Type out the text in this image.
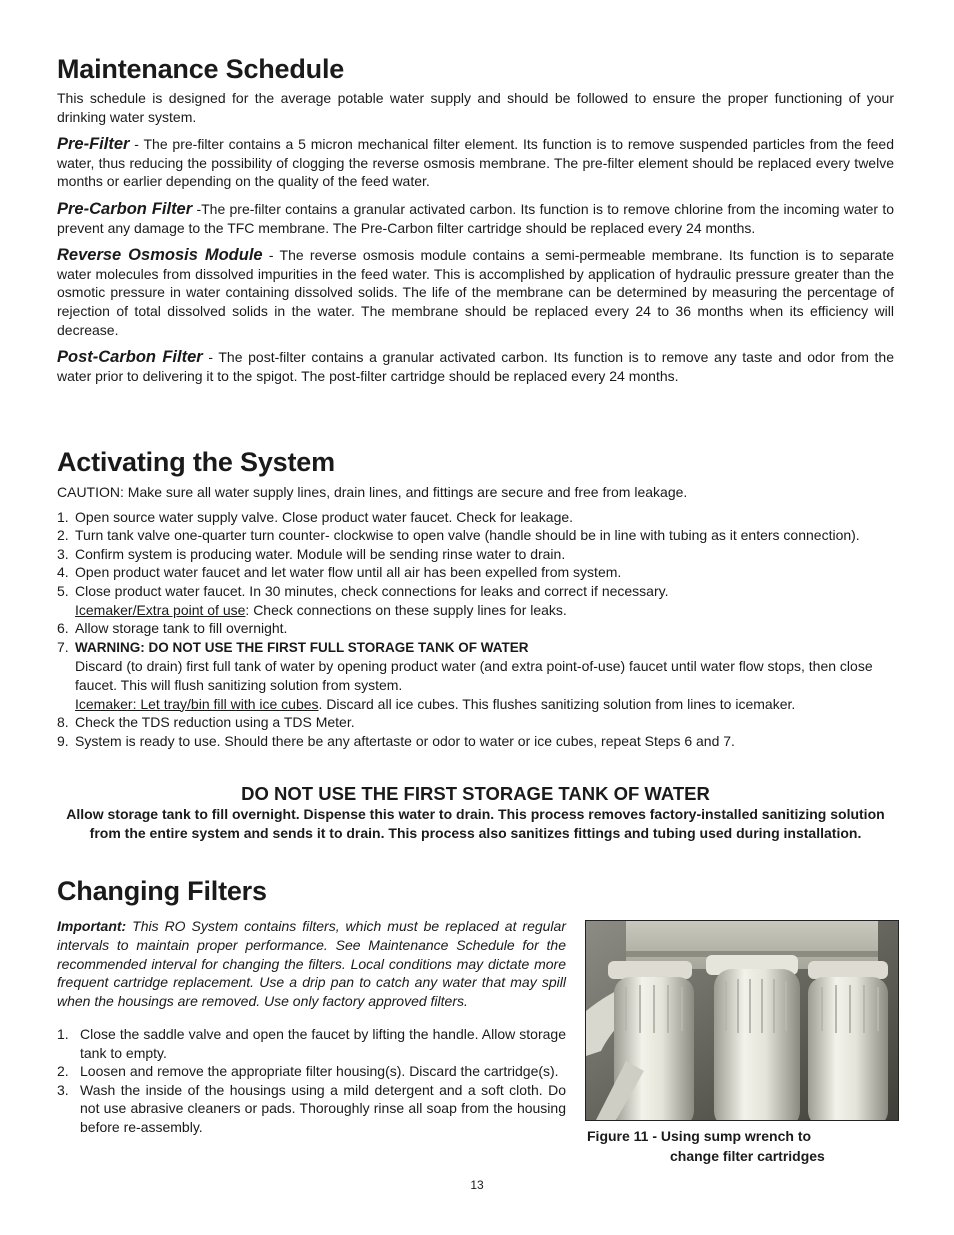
Maintenance Schedule

This schedule is designed for the average potable water supply and should be followed to ensure the proper functioning of your drinking water system.

Pre-Filter - The pre-filter contains a 5 micron mechanical filter element. Its function is to remove suspended particles from the feed water, thus reducing the possibility of clogging the reverse osmosis membrane. The pre-filter element should be replaced every twelve months or earlier depending on the quality of the feed water.

Pre-Carbon Filter -The pre-filter contains a granular activated carbon. Its function is to remove chlorine from the incoming water to prevent any damage to the TFC membrane. The Pre-Carbon filter cartridge should be replaced every 24 months.

Reverse Osmosis Module - The reverse osmosis module contains a semi-permeable membrane. Its function is to separate water molecules from dissolved impurities in the feed water. This is accomplished by application of hydraulic pressure greater than the osmotic pressure in water containing dissolved solids. The life of the membrane can be determined by measuring the percentage of rejection of total dissolved solids in the water. The membrane should be replaced every 24 to 36 months when its efficiency will decrease.

Post-Carbon Filter - The post-filter contains a granular activated carbon. Its function is to remove any taste and odor from the water prior to delivering it to the spigot. The post-filter cartridge should be replaced every 24 months.

Activating the System
CAUTION: Make sure all water supply lines, drain lines, and fittings are secure and free from leakage.
1. Open source water supply valve. Close product water faucet. Check for leakage.
2. Turn tank valve one-quarter turn counter- clockwise to open valve (handle should be in line with tubing as it enters connection).
3. Confirm system is producing water. Module will be sending rinse water to drain.
4. Open product water faucet and let water flow until all air has been expelled from system.
5. Close product water faucet. In 30 minutes, check connections for leaks and correct if necessary.
Icemaker/Extra point of use: Check connections on these supply lines for leaks.
6. Allow storage tank to fill overnight.
7. WARNING: DO NOT USE THE FIRST FULL STORAGE TANK OF WATER
Discard (to drain) first full tank of water by opening product water (and extra point-of-use) faucet until water flow stops, then close faucet. This will flush sanitizing solution from system.
Icemaker: Let tray/bin fill with ice cubes. Discard all ice cubes. This flushes sanitizing solution from lines to icemaker.
8. Check the TDS reduction using a TDS Meter.
9. System is ready to use. Should there be any aftertaste or odor to water or ice cubes, repeat Steps 6 and 7.
DO NOT USE THE FIRST STORAGE TANK OF WATER
Allow storage tank to fill overnight. Dispense this water to drain. This process removes factory-installed sanitizing solution from the entire system and sends it to drain. This process also sanitizes fittings and tubing used during installation.
Changing Filters

Important: This RO System contains filters, which must be replaced at regular intervals to maintain proper performance. See Maintenance Schedule for the recommended interval for changing the filters. Local conditions may dictate more frequent cartridge replacement. Use a drip pan to catch any water that may spill when the housings are removed. Use only factory approved filters.

1. Close the saddle valve and open the faucet by lifting the handle. Allow storage tank to empty.
2. Loosen and remove the appropriate filter housing(s). Discard the cartridge(s).
3. Wash the inside of the housings using a mild detergent and a soft cloth. Do not use abrasive cleaners or pads. Thoroughly rinse all soap from the housing before re-assembly.
Figure 11 - Using sump wrench to
change filter cartridges
13
